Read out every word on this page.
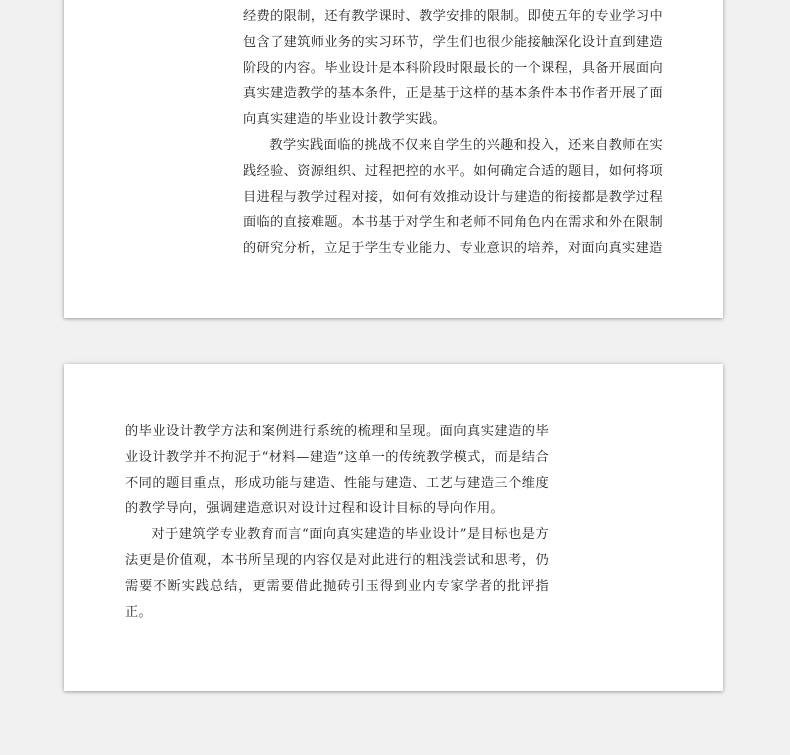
经费的限制，还有教学课时、教学安排的限制。即使五年的专业学习中包含了建筑师业务的实习环节，学生们也很少能接触深化设计直到建造阶段的内容。毕业设计是本科阶段时限最长的一个课程，具备开展面向真实建造教学的基本条件，正是基于这样的基本条件本书作者开展了面向真实建造的毕业设计教学实践。

教学实践面临的挑战不仅来自学生的兴趣和投入，还来自教师在实践经验、资源组织、过程把控的水平。如何确定合适的题目，如何将项目进程与教学过程对接，如何有效推动设计与建造的衔接都是教学过程面临的直接难题。本书基于对学生和老师不同角色内在需求和外在限制的研究分析，立足于学生专业能力、专业意识的培养，对面向真实建造

的毕业设计教学方法和案例进行系统的梳理和呈现。面向真实建造的毕业设计教学并不拘泥于“材料—建造”这单一的传统教学模式，而是结合不同的题目重点，形成功能与建造、性能与建造、工艺与建造三个维度的教学导向，强调建造意识对设计过程和设计目标的导向作用。

对于建筑学专业教育而言“面向真实建造的毕业设计”是目标也是方法更是价值观，本书所呈现的内容仅是对此进行的粗浅尝试和思考，仍需要不断实践总结，更需要借此抛砖引玉得到业内专家学者的批评指正。
